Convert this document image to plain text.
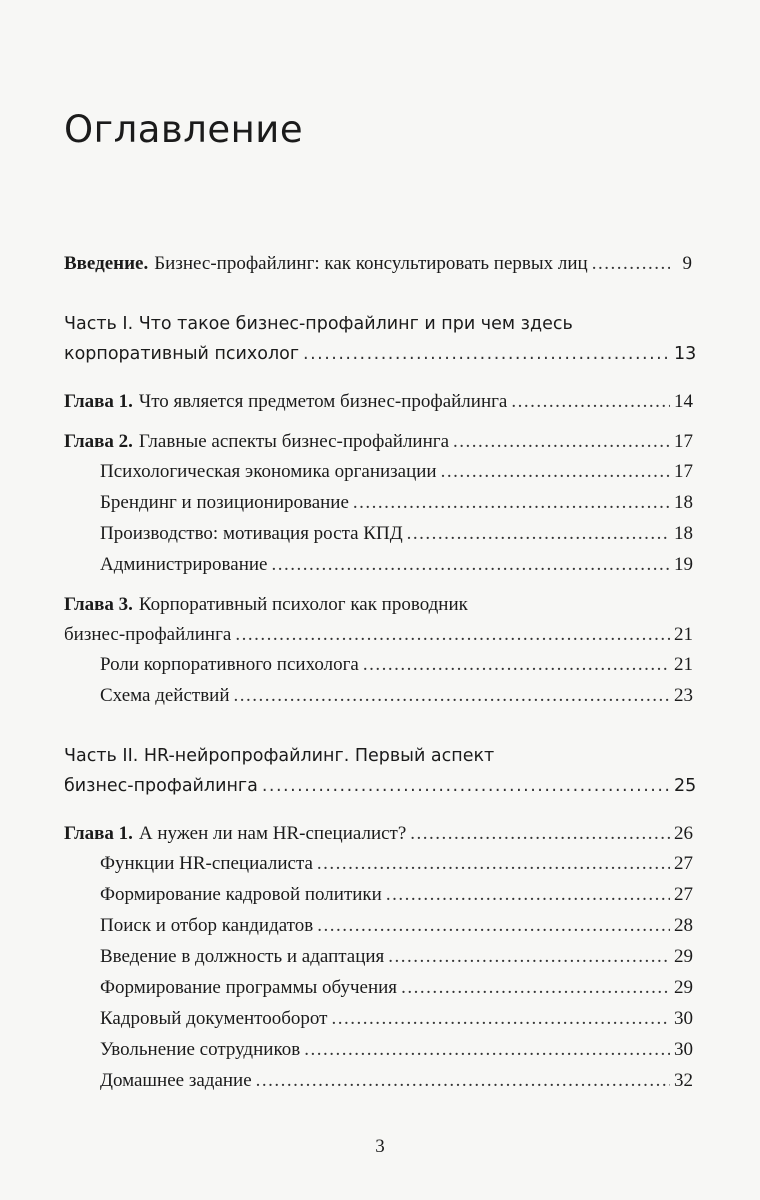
Оглавление
Введение. Бизнес-профайлинг: как консультировать первых лиц .....	9
Часть I. Что такое бизнес-профайлинг и при чем здесь
корпоративный психолог .....	13
Глава 1. Что является предметом бизнес-профайлинга .....	14
Глава 2. Главные аспекты бизнес-профайлинга .....	17
Психологическая экономика организации .....	17
Брендинг и позиционирование .....	18
Производство: мотивация роста КПД .....	18
Администрирование .....	19
Глава 3. Корпоративный психолог как проводник
бизнес-профайлинга .....	21
Роли корпоративного психолога .....	21
Схема действий .....	23
Часть II. HR-нейропрофайлинг. Первый аспект
бизнес-профайлинга .....	25
Глава 1. А нужен ли нам HR-специалист? .....	26
Функции HR-специалиста .....	27
Формирование кадровой политики .....	27
Поиск и отбор кандидатов .....	28
Введение в должность и адаптация .....	29
Формирование программы обучения .....	29
Кадровый документооборот .....	30
Увольнение сотрудников .....	30
Домашнее задание .....	32
3
